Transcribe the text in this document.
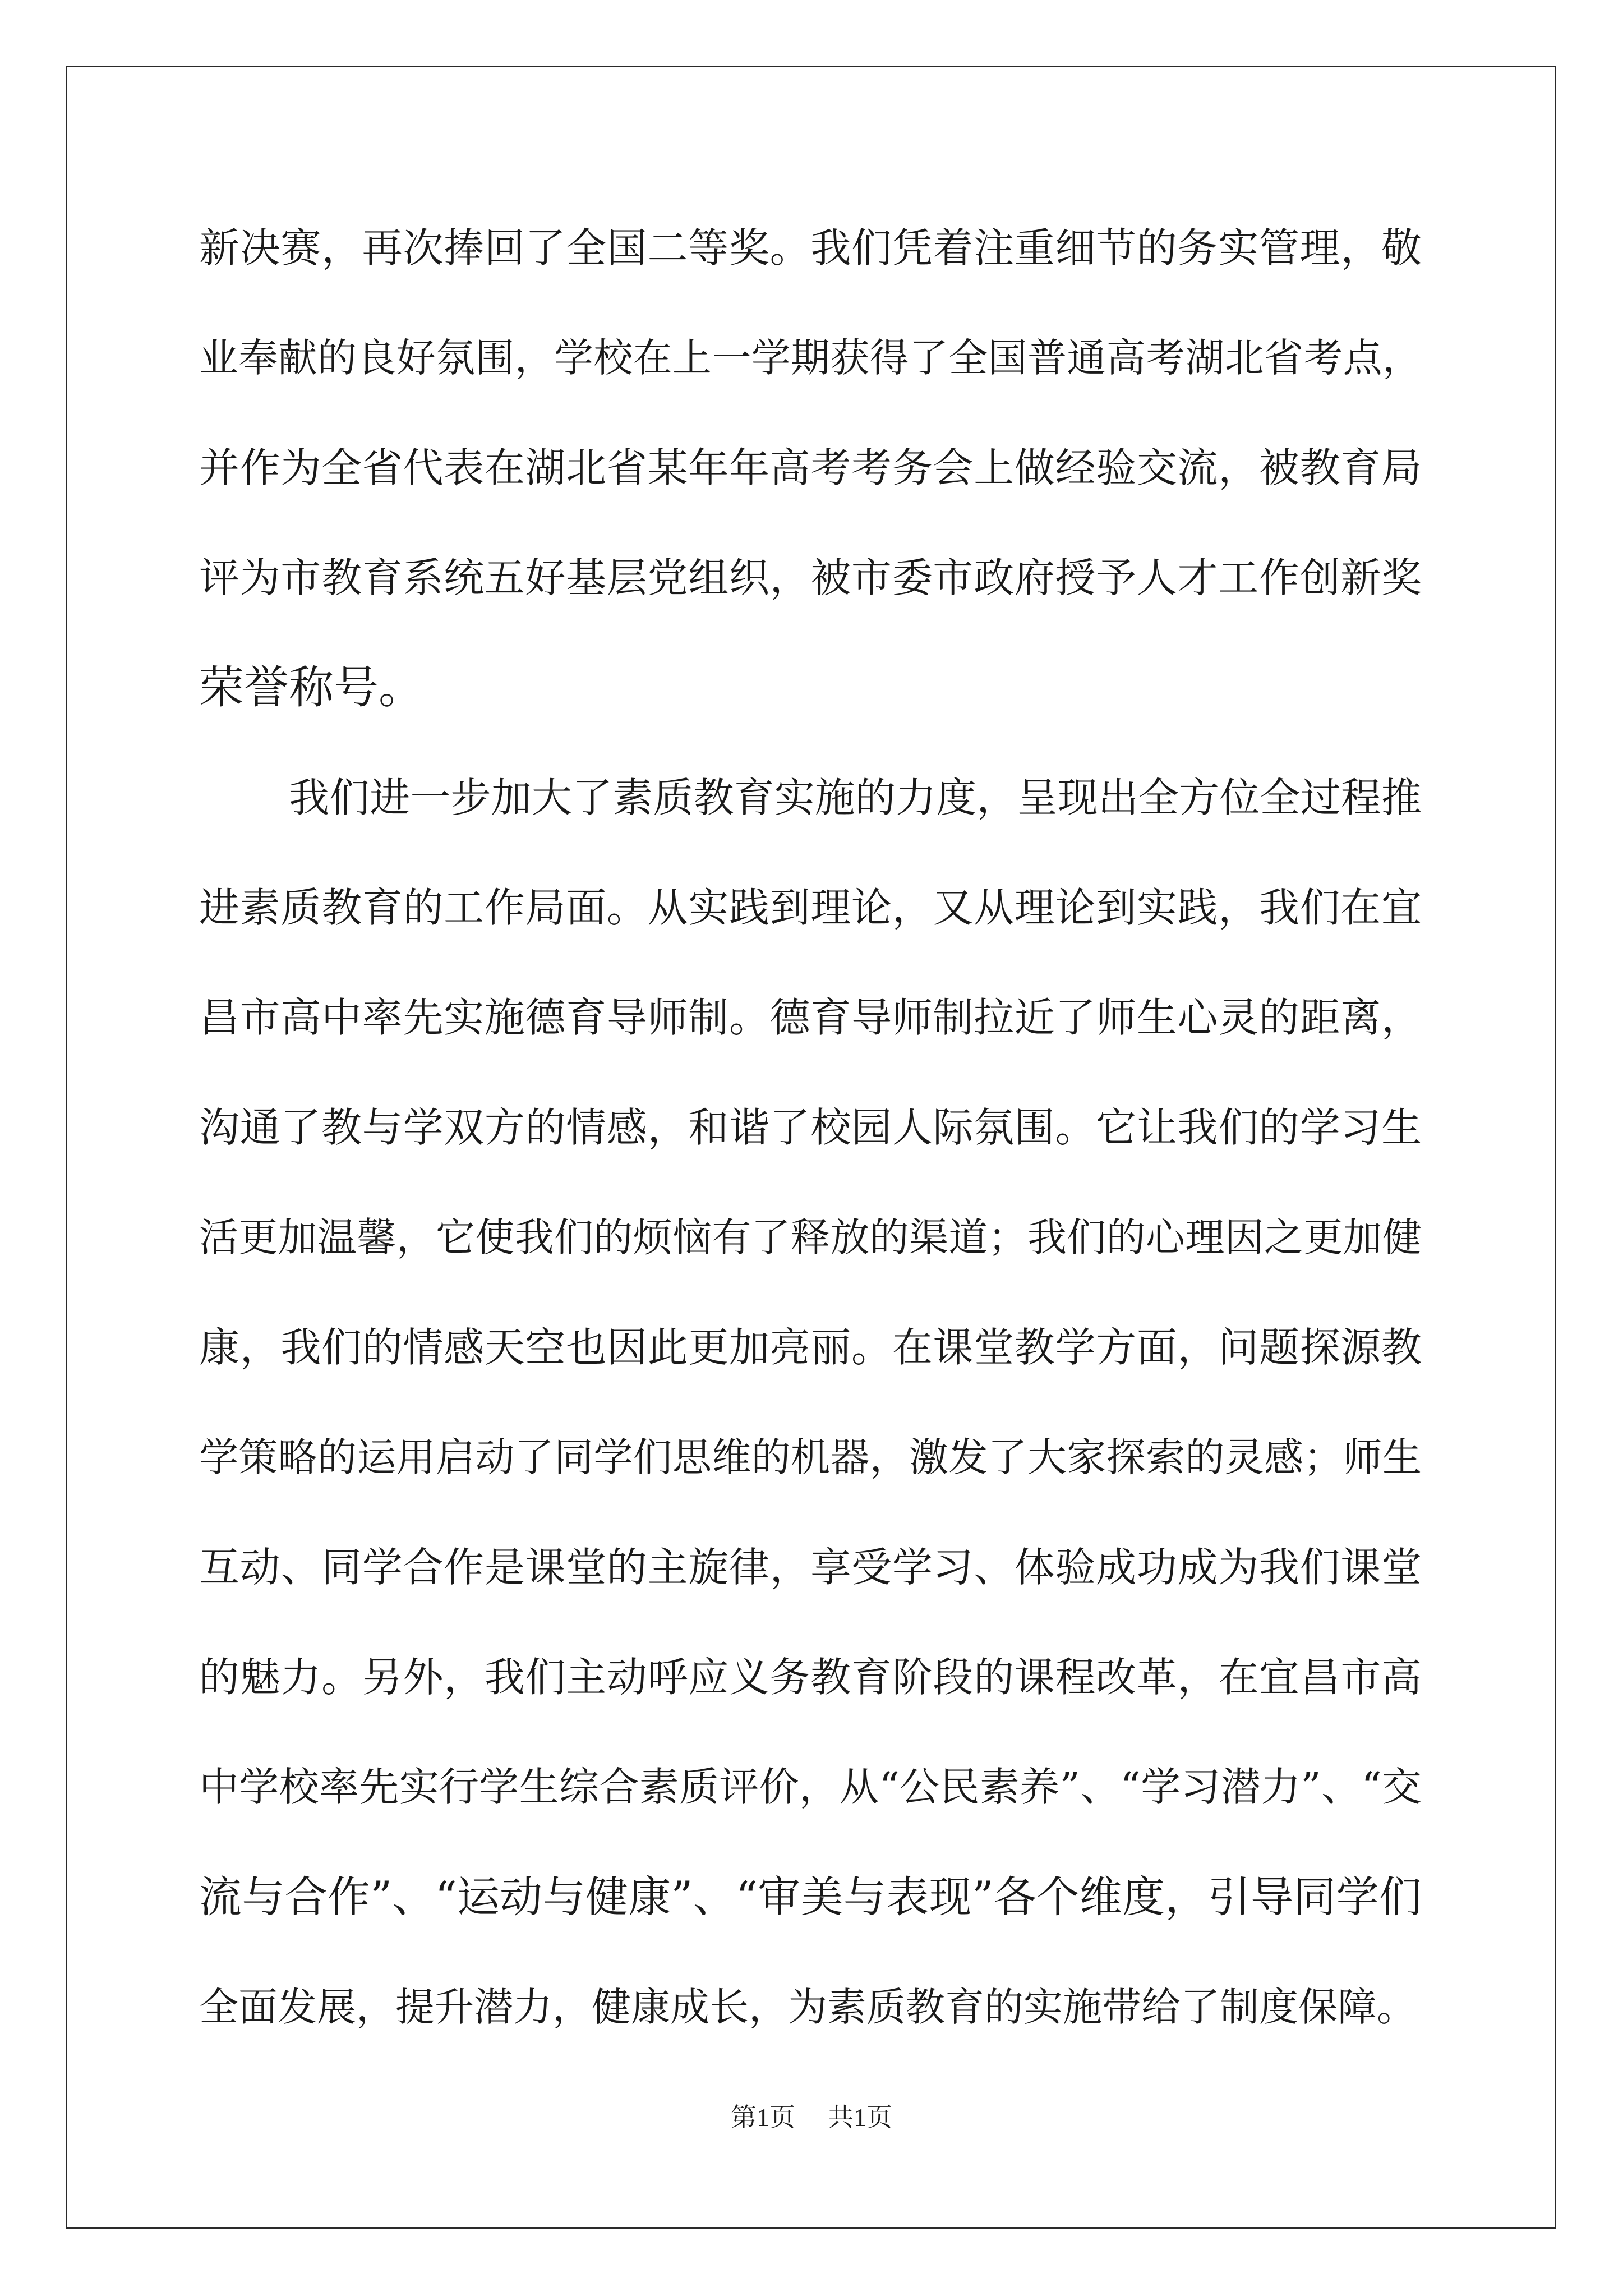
新决赛，再次捧回了全国二等奖。我们凭着注重细节的务实管理，敬
业奉献的良好氛围，学校在上一学期获得了全国普通高考湖北省考点，
并作为全省代表在湖北省某年年高考考务会上做经验交流，被教育局
评为市教育系统五好基层党组织，被市委市政府授予人才工作创新奖
荣誉称号。
我们进一步加大了素质教育实施的力度，呈现出全方位全过程推
进素质教育的工作局面。从实践到理论，又从理论到实践，我们在宜
昌市高中率先实施德育导师制。德育导师制拉近了师生心灵的距离，
沟通了教与学双方的情感，和谐了校园人际氛围。它让我们的学习生
活更加温馨，它使我们的烦恼有了释放的渠道；我们的心理因之更加健
康，我们的情感天空也因此更加亮丽。在课堂教学方面，问题探源教
学策略的运用启动了同学们思维的机器，激发了大家探索的灵感；师生
互动、同学合作是课堂的主旋律，享受学习、体验成功成为我们课堂
的魅力。另外，我们主动呼应义务教育阶段的课程改革，在宜昌市高
中学校率先实行学生综合素质评价，从“公民素养”、“学习潜力”、“交
流与合作”、“运动与健康”、“审美与表现”各个维度，引导同学们
全面发展，提升潜力，健康成长，为素质教育的实施带给了制度保障。
第1页 共1页
